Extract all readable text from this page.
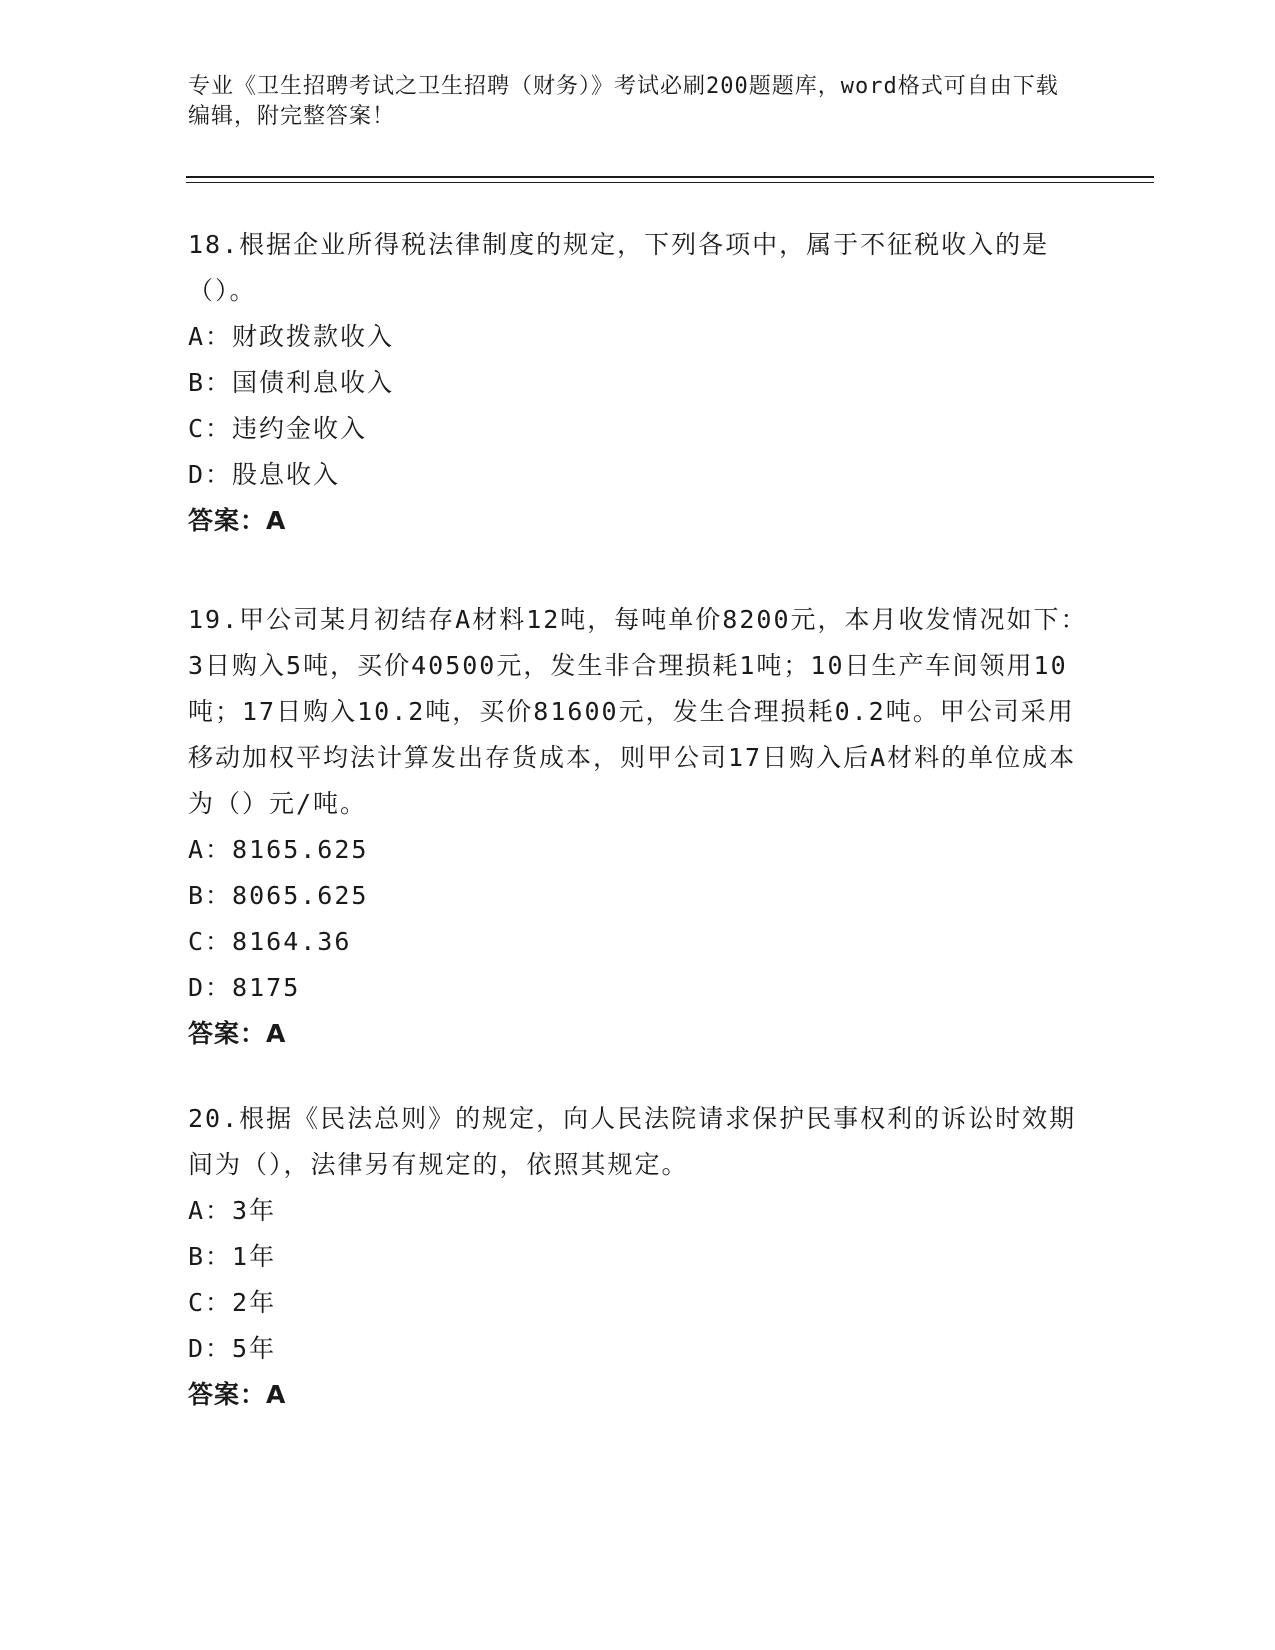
专业《卫生招聘考试之卫生招聘（财务）》考试必刷200题题库，word格式可自由下载编辑，附完整答案！
18.根据企业所得税法律制度的规定，下列各项中，属于不征税收入的是（）。
A：财政拨款收入
B：国债利息收入
C：违约金收入
D：股息收入
答案：A
19.甲公司某月初结存A材料12吨，每吨单价8200元，本月收发情况如下：3日购入5吨，买价40500元，发生非合理损耗1吨；10日生产车间领用10吨；17日购入10.2吨，买价81600元，发生合理损耗0.2吨。甲公司采用移动加权平均法计算发出存货成本，则甲公司17日购入后A材料的单位成本为（）元/吨。
A：8165.625
B：8065.625
C：8164.36
D：8175
答案：A
20.根据《民法总则》的规定，向人民法院请求保护民事权利的诉讼时效期间为（），法律另有规定的，依照其规定。
A：3年
B：1年
C：2年
D：5年
答案：A
